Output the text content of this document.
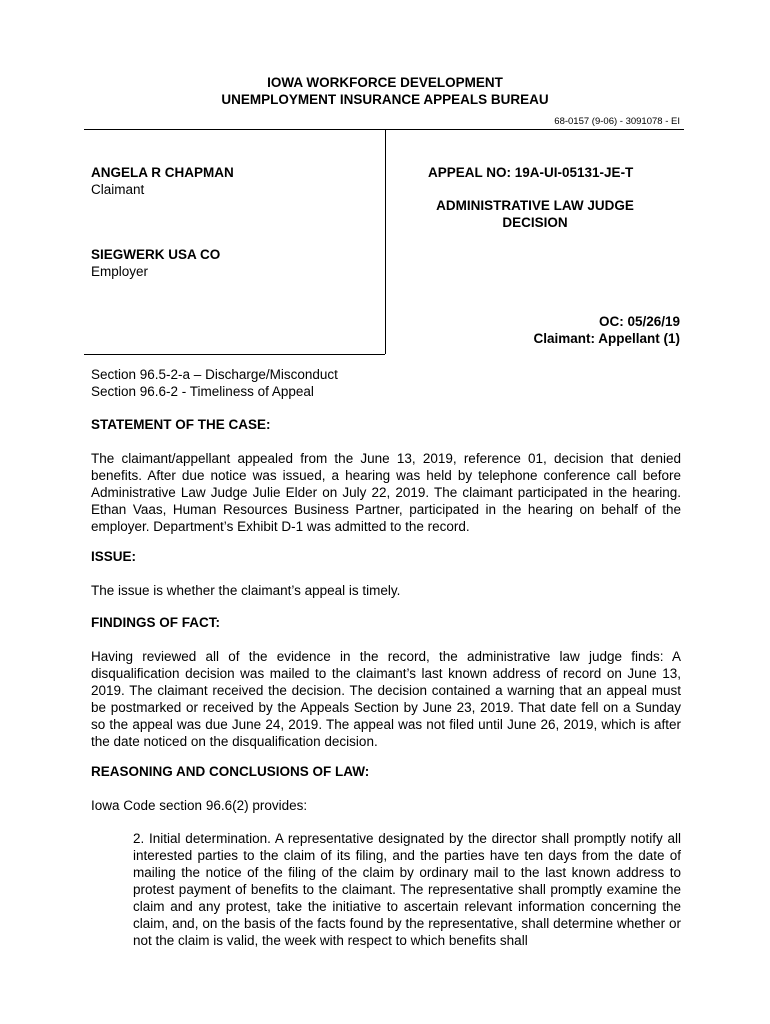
IOWA WORKFORCE DEVELOPMENT
UNEMPLOYMENT INSURANCE APPEALS BUREAU
68-0157 (9-06) - 3091078 - EI
ANGELA R CHAPMAN
Claimant
SIEGWERK USA CO
Employer
APPEAL NO: 19A-UI-05131-JE-T
ADMINISTRATIVE LAW JUDGE
DECISION
OC: 05/26/19
Claimant: Appellant (1)
Section 96.5-2-a – Discharge/Misconduct
Section 96.6-2 - Timeliness of Appeal
STATEMENT OF THE CASE:
The claimant/appellant appealed from the June 13, 2019, reference 01, decision that denied benefits. After due notice was issued, a hearing was held by telephone conference call before Administrative Law Judge Julie Elder on July 22, 2019. The claimant participated in the hearing. Ethan Vaas, Human Resources Business Partner, participated in the hearing on behalf of the employer. Department’s Exhibit D-1 was admitted to the record.
ISSUE:
The issue is whether the claimant’s appeal is timely.
FINDINGS OF FACT:
Having reviewed all of the evidence in the record, the administrative law judge finds: A disqualification decision was mailed to the claimant’s last known address of record on June 13, 2019. The claimant received the decision. The decision contained a warning that an appeal must be postmarked or received by the Appeals Section by June 23, 2019. That date fell on a Sunday so the appeal was due June 24, 2019. The appeal was not filed until June 26, 2019, which is after the date noticed on the disqualification decision.
REASONING AND CONCLUSIONS OF LAW:
Iowa Code section 96.6(2) provides:
2. Initial determination. A representative designated by the director shall promptly notify all interested parties to the claim of its filing, and the parties have ten days from the date of mailing the notice of the filing of the claim by ordinary mail to the last known address to protest payment of benefits to the claimant. The representative shall promptly examine the claim and any protest, take the initiative to ascertain relevant information concerning the claim, and, on the basis of the facts found by the representative, shall determine whether or not the claim is valid, the week with respect to which benefits shall
